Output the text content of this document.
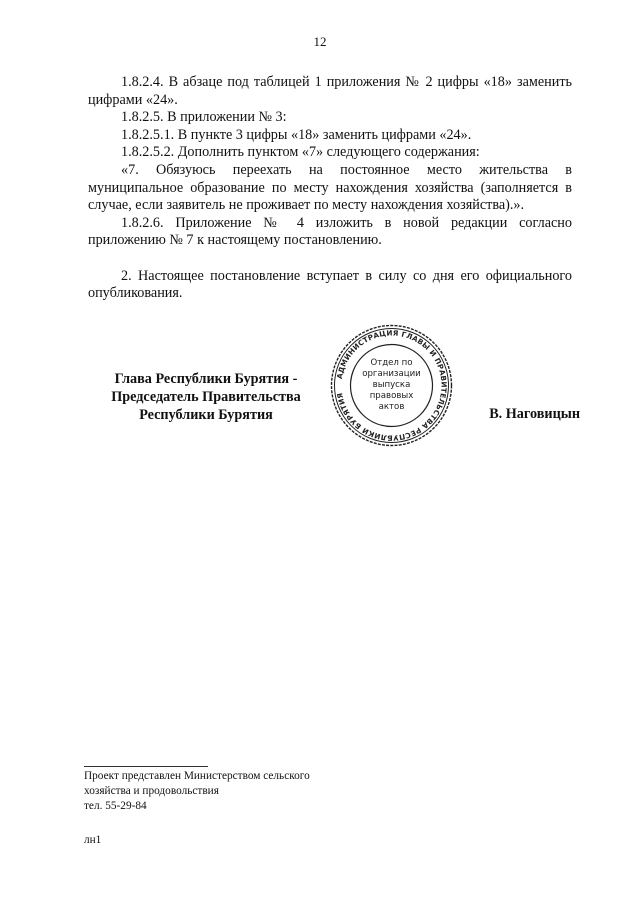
12

1.8.2.4. В абзаце под таблицей 1 приложения № 2 цифры «18» заменить цифрами «24».

1.8.2.5. В приложении № 3:

1.8.2.5.1. В пункте 3 цифры «18» заменить цифрами «24».

1.8.2.5.2. Дополнить пунктом «7» следующего содержания:

«7. Обязуюсь переехать на постоянное место жительства в муниципальное образование по месту нахождения хозяйства (заполняется в случае, если заявитель не проживает по месту нахождения хозяйства).».

1.8.2.6. Приложение № 4 изложить в новой редакции согласно приложению № 7 к настоящему постановлению.

2. Настоящее постановление вступает в силу со дня его официального опубликования.

Глава Республики Бурятия -
Председатель Правительства
Республики Бурятия
АДМИНИСТРАЦИЯ ГЛАВЫ И ПРАВИТЕЛЬСТВА РЕСПУБЛИКИ БУРЯТИЯ
Отдел по
организации
выпуска
правовых
актов	В. Наговицын
Проект представлен Министерством сельского
хозяйства и продовольствия
тел. 55-29-84
лн1
